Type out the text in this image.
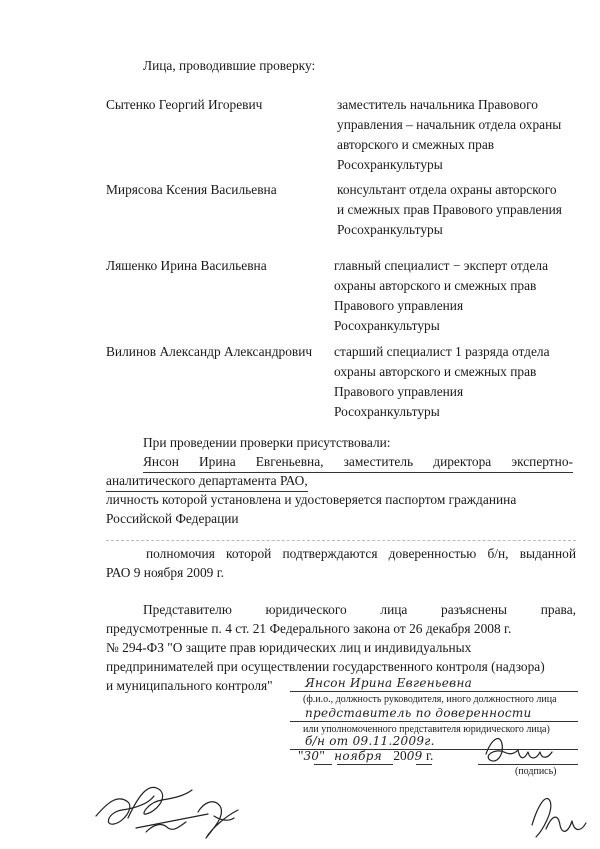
Лица, проводившие проверку:
Сытенко Георгий Игоревич	заместитель начальника Правового
управления – начальник отдела охраны
авторского и смежных прав
Росохранкультуры
Мирясова Ксения Васильевна	консультант отдела охраны авторского
и смежных прав Правового управления
Росохранкультуры
Ляшенко Ирина Васильевна	главный специалист − эксперт отдела
охраны авторского и смежных прав
Правового управления
Росохранкультуры
Вилинов Александр Александрович старший специалист 1 разряда отдела
охраны авторского и смежных прав
Правового управления
Росохранкультуры
При проведении проверки присутствовали:
Янсон Ирина Евгеньевна, заместитель директора экспертно-
аналитического департамента РАО,
личность которой установлена и удостоверяется паспортом гражданина
Российской Федерации
полномочия которой подтверждаются доверенностью б/н, выданной
РАО 9 ноября 2009 г.
Представителю юридического лица разъяснены права,
предусмотренные п. 4 ст. 21 Федерального закона от 26 декабря 2008 г.
№ 294-ФЗ "О защите прав юридических лиц и индивидуальных
предпринимателей при осуществлении государственного контроля (надзора)
и муниципального контроля"	Янсон Ирина Евгеньевна
(ф.и.о., должность руководителя, иного должностного лица
представитель по доверенности
или уполномоченного представителя юридического лица)
б/н от 09.11.2009г.
"30" ноября 2009 г.
(подпись)
